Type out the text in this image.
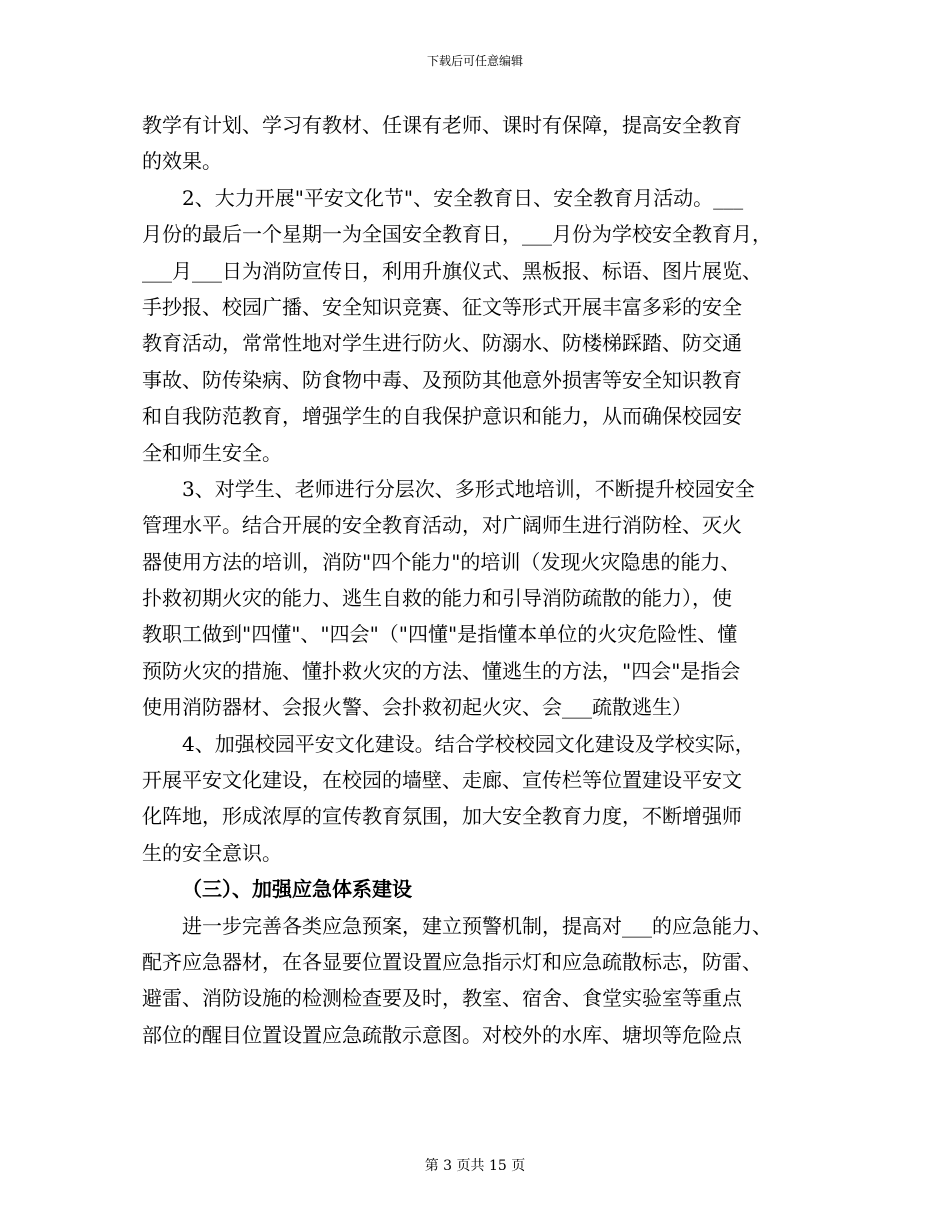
下载后可任意编辑
教学有计划、学习有教材、任课有老师、课时有保障，提高安全教育
的效果。
2、大力开展"平安文化节"、安全教育日、安全教育月活动。___
月份的最后一个星期一为全国安全教育日，___月份为学校安全教育月，
___月___日为消防宣传日，利用升旗仪式、黑板报、标语、图片展览、
手抄报、校园广播、安全知识竞赛、征文等形式开展丰富多彩的安全
教育活动，常常性地对学生进行防火、防溺水、防楼梯踩踏、防交通
事故、防传染病、防食物中毒、及预防其他意外损害等安全知识教育
和自我防范教育，增强学生的自我保护意识和能力，从而确保校园安
全和师生安全。
3、对学生、老师进行分层次、多形式地培训，不断提升校园安全
管理水平。结合开展的安全教育活动，对广阔师生进行消防栓、灭火
器使用方法的培训，消防"四个能力"的培训（发现火灾隐患的能力、
扑救初期火灾的能力、逃生自救的能力和引导消防疏散的能力），使
教职工做到"四懂"、"四会"（"四懂"是指懂本单位的火灾危险性、懂
预防火灾的措施、懂扑救火灾的方法、懂逃生的方法，"四会"是指会
使用消防器材、会报火警、会扑救初起火灾、会___疏散逃生）
4、加强校园平安文化建设。结合学校校园文化建设及学校实际，
开展平安文化建设，在校园的墙壁、走廊、宣传栏等位置建设平安文
化阵地，形成浓厚的宣传教育氛围，加大安全教育力度，不断增强师
生的安全意识。
（三）、加强应急体系建设
进一步完善各类应急预案，建立预警机制，提高对___的应急能力、
配齐应急器材，在各显要位置设置应急指示灯和应急疏散标志，防雷、
避雷、消防设施的检测检查要及时，教室、宿舍、食堂实验室等重点
部位的醒目位置设置应急疏散示意图。对校外的水库、塘坝等危险点
第 3 页共 15 页
